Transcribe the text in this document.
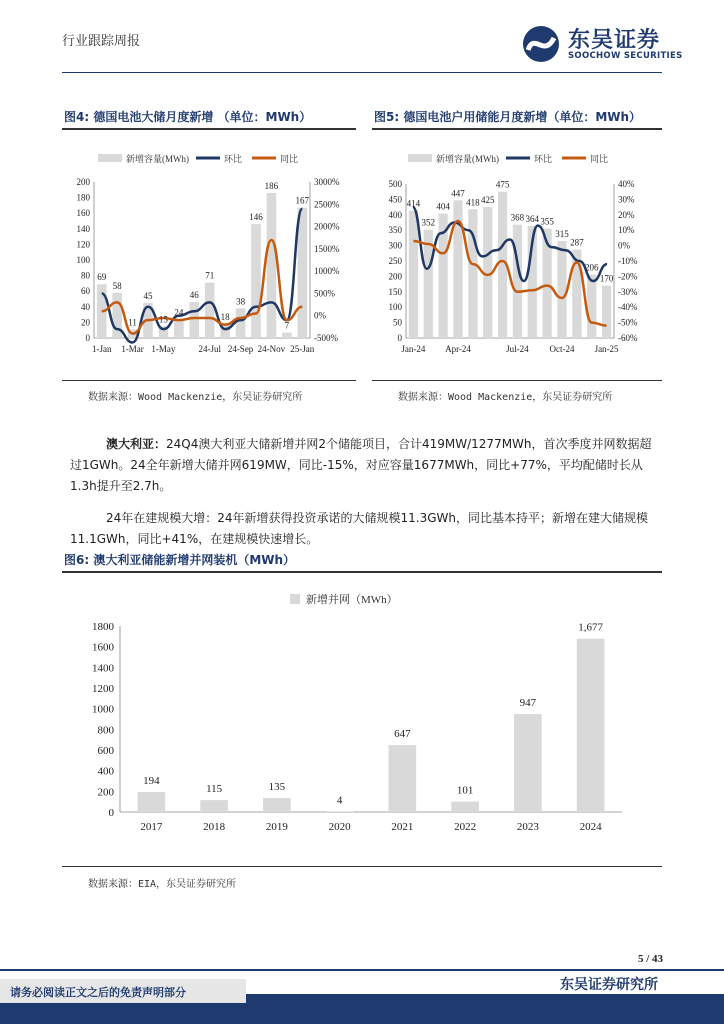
行业跟踪周报	东吴证券
SOOCHOW SECURITIES
图4: 德国电池大储月度新增 （单位：MWh）
新增容量(MWh)	环比	同比
0
20
40
60
80
100
120
140
160
180
200
-500%
0%
500%
1000%
1500%
2000%
2500%
3000%
69
58
11
45
15
24
46
71
18
38
146
186
7
167
1-Jan 1-Mar 1-May	24-Jul 24-Sep 24-Nov 25-Jan
数据来源：Wood Mackenzie，东吴证券研究所
图5: 德国电池户用储能月度新增（单位：MWh）
新增容量(MWh)	环比	同比
0
50
100
150
200
250
300
350
400
450
500
-60%
-50%
-40%
-30%
-20%
-10%
0%
10%
20%
30%
40%
414
352
404
447
418 425
475
368 364 355
315
287
206
170
Jan-24 Apr-24	Jul-24 Oct-24 Jan-25
数据来源：Wood Mackenzie，东吴证券研究所
澳大利亚：24Q4澳大利亚大储新增并网2个储能项目，合计419MW/1277MWh，首次季度并网数据超过1GWh。24全年新增大储并网619MW，同比-15%，对应容量1677MWh，同比+77%，平均配储时长从1.3h提升至2.7h。
24年在建规模大增：24年新增获得投资承诺的大储规模11.3GWh，同比基本持平；新增在建大储规模11.1GWh，同比+41%，在建规模快速增长。
图6: 澳大利亚储能新增并网装机（MWh）
新增并网（MWh）
0
200
400
600
800
1000
1200
1400
1600
1800
194
2017
115
2018
135
2019
4
2020
647
2021
101
2022
947
2023
1,677
2024
数据来源：EIA，东吴证券研究所
5 / 43
请务必阅读正文之后的免责声明部分	东吴证券研究所
